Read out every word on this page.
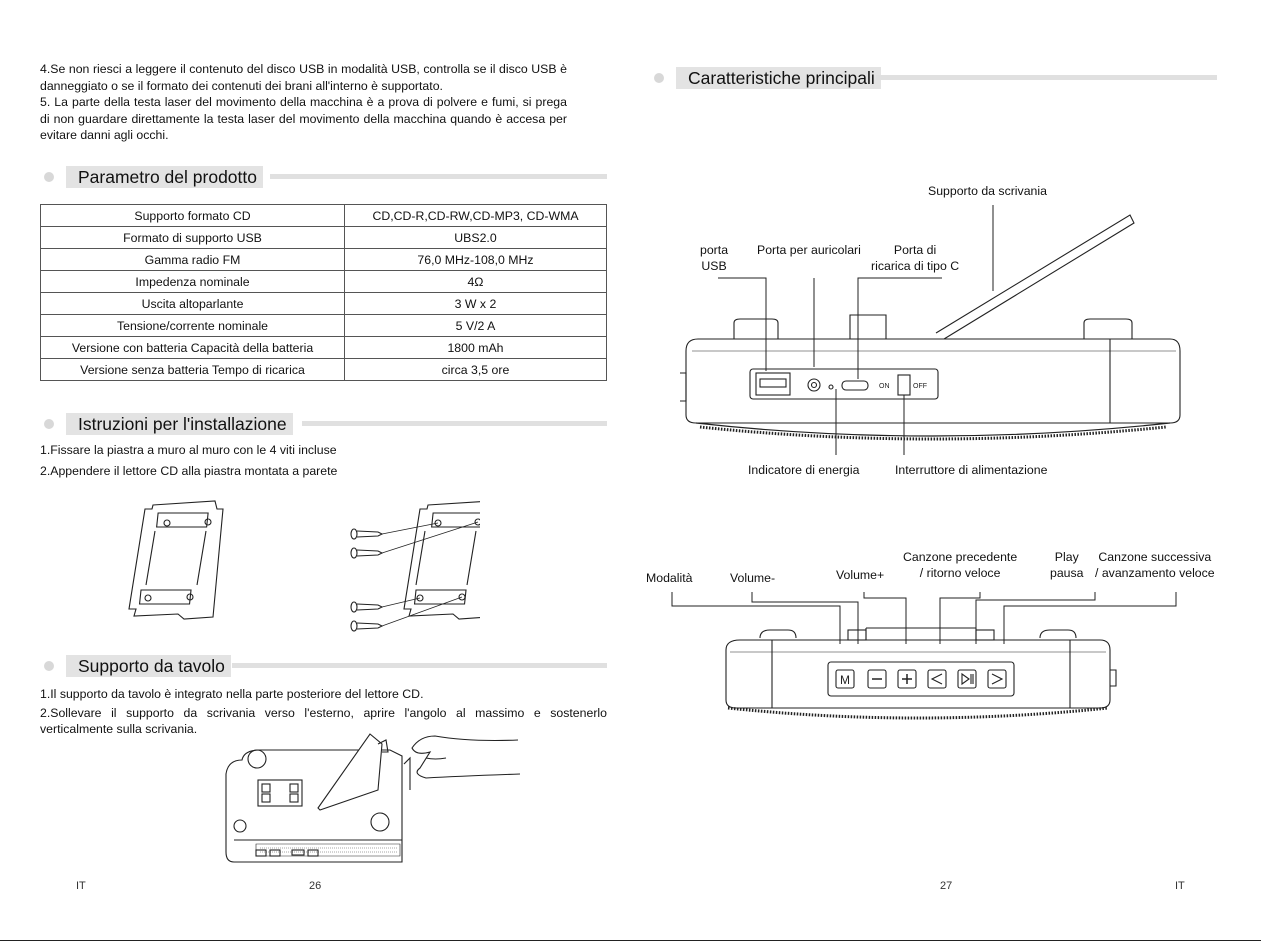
4.Se non riesci a leggere il contenuto del disco USB in modalità USB, controlla se il disco USB è danneggiato o se il formato dei contenuti dei brani all'interno è supportato.
5. La parte della testa laser del movimento della macchina è a prova di polvere e fumi, si prega di non guardare direttamente la testa laser del movimento della macchina quando è accesa per evitare danni agli occhi.
Parametro del prodotto
Supporto formato CD	CD,CD-R,CD-RW,CD-MP3, CD-WMA
Formato di supporto USB	UBS2.0
Gamma radio FM	76,0 MHz-108,0 MHz
Impedenza nominale	4Ω
Uscita altoparlante	3 W x 2
Tensione/corrente nominale	5 V/2 A
Versione con batteria Capacità della batteria	1800 mAh
Versione senza batteria Tempo di ricarica	circa 3,5 ore
Istruzioni per l'installazione
1.Fissare la piastra a muro al muro con le 4 viti incluse
2.Appendere il lettore CD alla piastra montata a parete
Supporto da tavolo
1.Il supporto da tavolo è integrato nella parte posteriore del lettore CD.
2.Sollevare il supporto da scrivania verso l'esterno, aprire l'angolo al massimo e sostenerlo verticalmente sulla scrivania.
IT	26
Caratteristiche principali
Supporto da scrivania
porta
USB
Porta per auricolari	Porta di
ricarica di tipo C
Indicatore di energia	Interruttore di alimentazione
ON	OFF
Modalità	Volume-	Volume+
Canzone precedente
/ ritorno veloce
Play
pausa
Canzone successiva
/ avanzamento veloce
M
27	IT
